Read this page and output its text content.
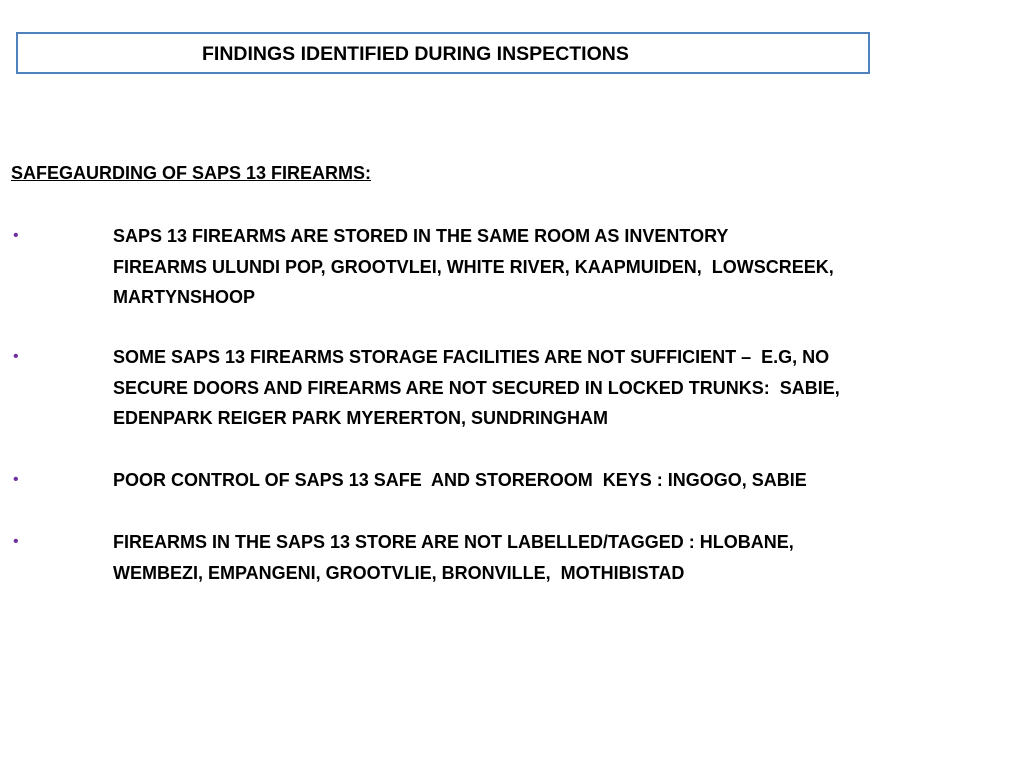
FINDINGS IDENTIFIED DURING INSPECTIONS
SAFEGAURDING OF SAPS 13 FIREARMS:
•	SAPS 13 FIREARMS ARE STORED IN THE SAME ROOM AS INVENTORY
FIREARMS ULUNDI POP, GROOTVLEI, WHITE RIVER, KAAPMUIDEN,  LOWSCREEK,
MARTYNSHOOP
•	SOME SAPS 13 FIREARMS STORAGE FACILITIES ARE NOT SUFFICIENT –  E.G, NO
SECURE DOORS AND FIREARMS ARE NOT SECURED IN LOCKED TRUNKS:  SABIE,
EDENPARK REIGER PARK MYERERTON, SUNDRINGHAM
•	POOR CONTROL OF SAPS 13 SAFE  AND STOREROOM  KEYS : INGOGO, SABIE
•	FIREARMS IN THE SAPS 13 STORE ARE NOT LABELLED/TAGGED : HLOBANE,
WEMBEZI, EMPANGENI, GROOTVLIE, BRONVILLE,  MOTHIBISTAD
